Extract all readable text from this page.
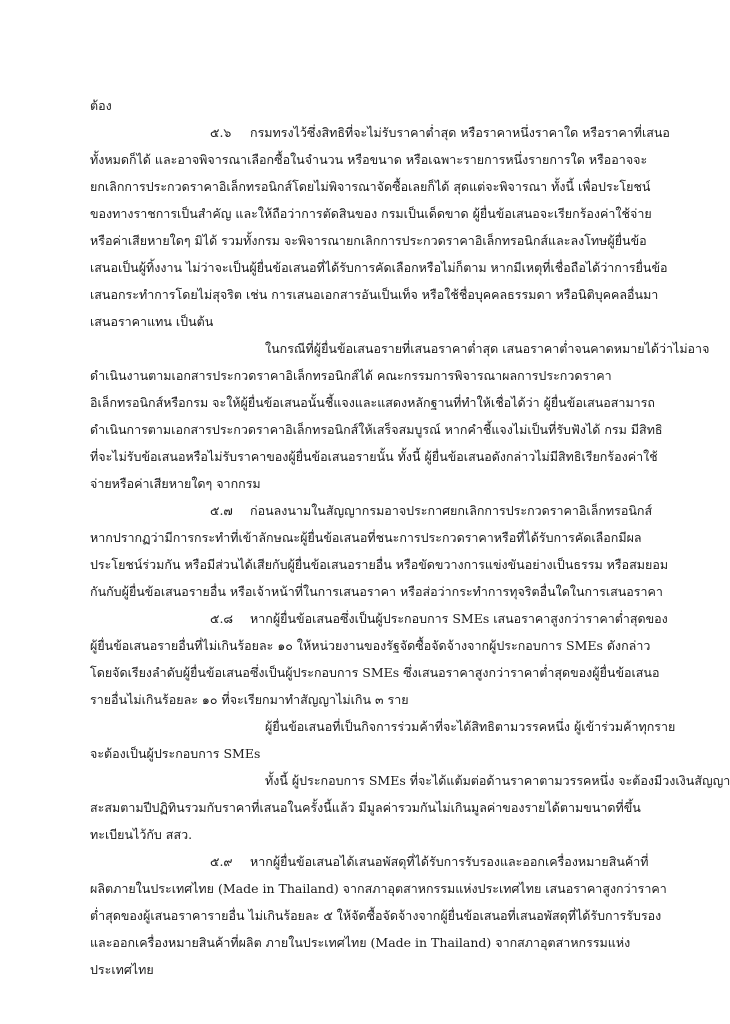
ต้อง

๕.๖ กรมทรงไว้ซึ่งสิทธิที่จะไม่รับราคาต่ำสุด หรือราคาหนึ่งราคาใด หรือราคาที่เสนอ

ทั้งหมดก็ได้ และอาจพิจารณาเลือกซื้อในจำนวน หรือขนาด หรือเฉพาะรายการหนึ่งรายการใด หรืออาจจะ

ยกเลิกการประกวดราคาอิเล็กทรอนิกส์โดยไม่พิจารณาจัดซื้อเลยก็ได้ สุดแต่จะพิจารณา ทั้งนี้ เพื่อประโยชน์

ของทางราชการเป็นสำคัญ และให้ถือว่าการตัดสินของ กรมเป็นเด็ดขาด ผู้ยื่นข้อเสนอจะเรียกร้องค่าใช้จ่าย

หรือค่าเสียหายใดๆ มิได้ รวมทั้งกรม จะพิจารณายกเลิกการประกวดราคาอิเล็กทรอนิกส์และลงโทษผู้ยื่นข้อ

เสนอเป็นผู้ทิ้งงาน ไม่ว่าจะเป็นผู้ยื่นข้อเสนอที่ได้รับการคัดเลือกหรือไม่ก็ตาม หากมีเหตุที่เชื่อถือได้ว่าการยื่นข้อ

เสนอกระทำการโดยไม่สุจริต เช่น การเสนอเอกสารอันเป็นเท็จ หรือใช้ชื่อบุคคลธรรมดา หรือนิติบุคคลอื่นมา

เสนอราคาแทน เป็นต้น

ในกรณีที่ผู้ยื่นข้อเสนอรายที่เสนอราคาต่ำสุด เสนอราคาต่ำจนคาดหมายได้ว่าไม่อาจ

ดำเนินงานตามเอกสารประกวดราคาอิเล็กทรอนิกส์ได้ คณะกรรมการพิจารณาผลการประกวดราคา

อิเล็กทรอนิกส์หรือกรม จะให้ผู้ยื่นข้อเสนอนั้นชี้แจงและแสดงหลักฐานที่ทำให้เชื่อได้ว่า ผู้ยื่นข้อเสนอสามารถ

ดำเนินการตามเอกสารประกวดราคาอิเล็กทรอนิกส์ให้เสร็จสมบูรณ์ หากคำชี้แจงไม่เป็นที่รับฟังได้ กรม มีสิทธิ

ที่จะไม่รับข้อเสนอหรือไม่รับราคาของผู้ยื่นข้อเสนอรายนั้น ทั้งนี้ ผู้ยื่นข้อเสนอดังกล่าวไม่มีสิทธิเรียกร้องค่าใช้

จ่ายหรือค่าเสียหายใดๆ จากกรม

๕.๗ ก่อนลงนามในสัญญากรมอาจประกาศยกเลิกการประกวดราคาอิเล็กทรอนิกส์

หากปรากฏว่ามีการกระทำที่เข้าลักษณะผู้ยื่นข้อเสนอที่ชนะการประกวดราคาหรือที่ได้รับการคัดเลือกมีผล

ประโยชน์ร่วมกัน หรือมีส่วนได้เสียกับผู้ยื่นข้อเสนอรายอื่น หรือขัดขวางการแข่งขันอย่างเป็นธรรม หรือสมยอม

กันกับผู้ยื่นข้อเสนอรายอื่น หรือเจ้าหน้าที่ในการเสนอราคา หรือส่อว่ากระทำการทุจริตอื่นใดในการเสนอราคา

๕.๘ หากผู้ยื่นข้อเสนอซึ่งเป็นผู้ประกอบการ SMEs เสนอราคาสูงกว่าราคาต่ำสุดของ

ผู้ยื่นข้อเสนอรายอื่นที่ไม่เกินร้อยละ ๑๐ ให้หน่วยงานของรัฐจัดซื้อจัดจ้างจากผู้ประกอบการ SMEs ดังกล่าว

โดยจัดเรียงลำดับผู้ยื่นข้อเสนอซึ่งเป็นผู้ประกอบการ SMEs ซึ่งเสนอราคาสูงกว่าราคาต่ำสุดของผู้ยื่นข้อเสนอ

รายอื่นไม่เกินร้อยละ ๑๐ ที่จะเรียกมาทำสัญญาไม่เกิน ๓ ราย

ผู้ยื่นข้อเสนอที่เป็นกิจการร่วมค้าที่จะได้สิทธิตามวรรคหนึ่ง ผู้เข้าร่วมค้าทุกราย

จะต้องเป็นผู้ประกอบการ SMEs

ทั้งนี้ ผู้ประกอบการ SMEs ที่จะได้แต้มต่อด้านราคาตามวรรคหนึ่ง จะต้องมีวงเงินสัญญา

สะสมตามปีปฏิทินรวมกับราคาที่เสนอในครั้งนี้แล้ว มีมูลค่ารวมกันไม่เกินมูลค่าของรายได้ตามขนาดที่ขึ้น

ทะเบียนไว้กับ สสว.

๕.๙ หากผู้ยื่นข้อเสนอได้เสนอพัสดุที่ได้รับการรับรองและออกเครื่องหมายสินค้าที่

ผลิตภายในประเทศไทย (Made in Thailand) จากสภาอุตสาหกรรมแห่งประเทศไทย เสนอราคาสูงกว่าราคา

ต่ำสุดของผู้เสนอราคารายอื่น ไม่เกินร้อยละ ๕ ให้จัดซื้อจัดจ้างจากผู้ยื่นข้อเสนอที่เสนอพัสดุที่ได้รับการรับรอง

และออกเครื่องหมายสินค้าที่ผลิต ภายในประเทศไทย (Made in Thailand) จากสภาอุตสาหกรรมแห่ง

ประเทศไทย
